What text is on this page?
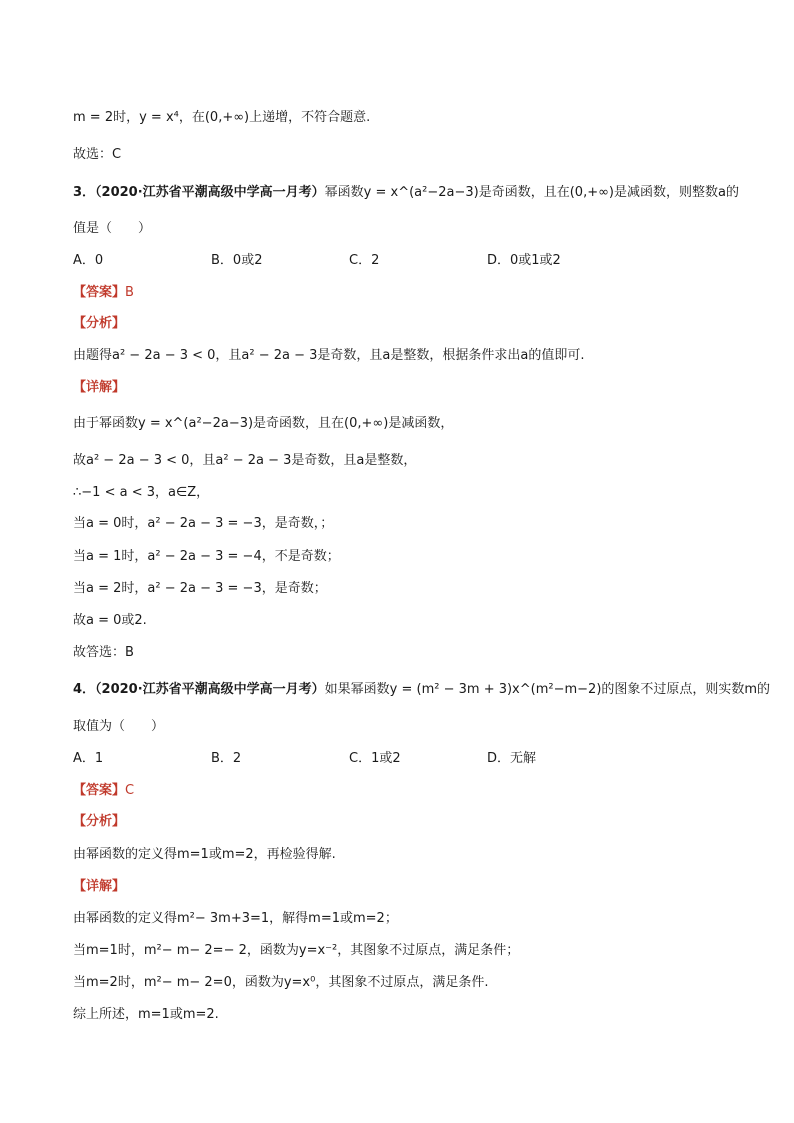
m = 2时，y = x⁴，在(0,+∞)上递增，不符合题意.
故选：C
3．（2020·江苏省平潮高级中学高一月考）幂函数y = x^(a²−2a−3)是奇函数，且在(0,+∞)是减函数，则整数a的
值是（　　）
A．0	B．0或2	C．2	D．0或1或2
【答案】B
【分析】
由题得a² − 2a − 3 < 0，且a² − 2a − 3是奇数，且a是整数，根据条件求出a的值即可.
【详解】
由于幂函数y = x^(a²−2a−3)是奇函数，且在(0,+∞)是减函数，
故a² − 2a − 3 < 0，且a² − 2a − 3是奇数，且a是整数，
∴−1 < a < 3，a∈Z，
当a = 0时，a² − 2a − 3 = −3，是奇数，；
当a = 1时，a² − 2a − 3 = −4，不是奇数；
当a = 2时，a² − 2a − 3 = −3，是奇数；
故a = 0或2.
故答选：B
4．（2020·江苏省平潮高级中学高一月考）如果幂函数y = (m² − 3m + 3)x^(m²−m−2)的图象不过原点，则实数m的
取值为（　　）
A．1	B．2	C．1或2	D．无解
【答案】C
【分析】
由幂函数的定义得m=1或m=2，再检验得解.
【详解】
由幂函数的定义得m²− 3m+3=1，解得m=1或m=2；
当m=1时，m²− m− 2=− 2，函数为y=x⁻²，其图象不过原点，满足条件；
当m=2时，m²− m− 2=0，函数为y=x⁰，其图象不过原点，满足条件.
综上所述，m=1或m=2.
